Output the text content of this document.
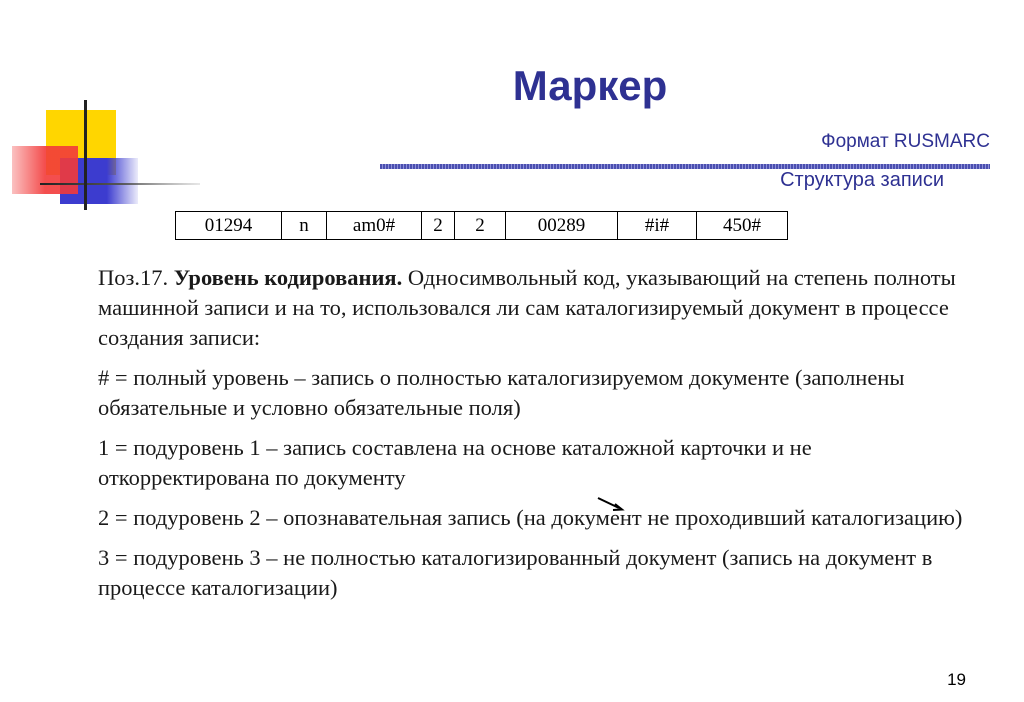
Маркер
Формат RUSMARC
Структура записи
01294	n	am0#	2	2	00289	#i#	450#

Поз.17. Уровень кодирования. Односимвольный код, указывающий на степень полноты машинной записи и на то, использовался ли сам каталогизируемый документ в процессе создания записи:

# = полный уровень – запись о полностью каталогизируемом документе (заполнены обязательные и условно обязательные поля)

1 = подуровень 1 – запись составлена на основе каталожной карточки и не откорректирована по документу

2 = подуровень 2 – опознавательная запись (на документ не проходивший каталогизацию)

3 = подуровень 3 – не полностью каталогизированный документ (запись на документ в процессе каталогизации)

19
